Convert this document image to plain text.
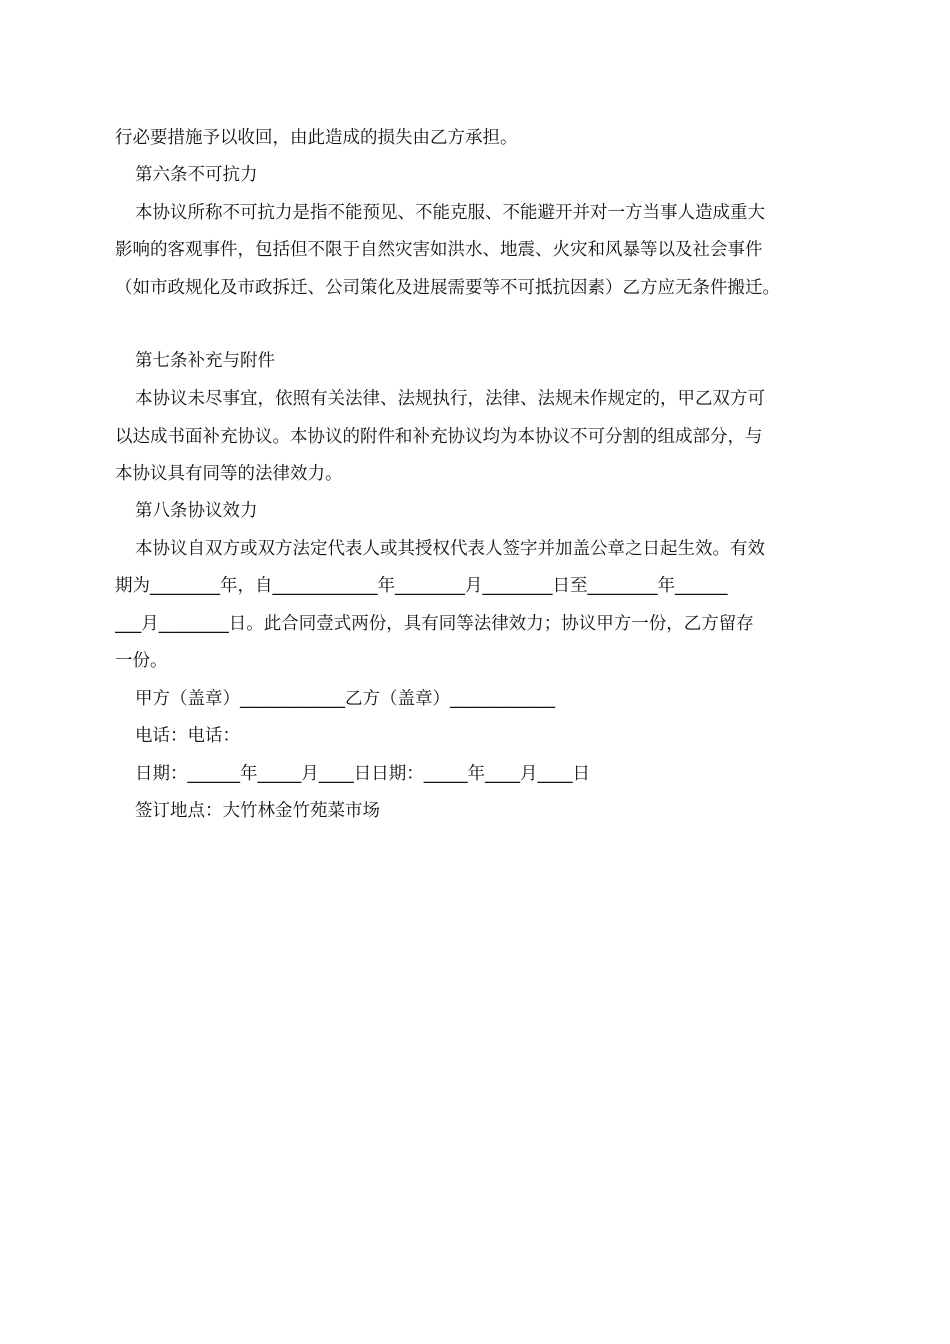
行必要措施予以收回，由此造成的损失由乙方承担。

第六条不可抗力

本协议所称不可抗力是指不能预见、不能克服、不能避开并对一方当事人造成重大

影响的客观事件，包括但不限于自然灾害如洪水、地震、火灾和风暴等以及社会事件

（如市政规化及市政拆迁、公司策化及进展需要等不可抵抗因素）乙方应无条件搬迁。

第七条补充与附件

本协议未尽事宜，依照有关法律、法规执行，法律、法规未作规定的，甲乙双方可

以达成书面补充协议。本协议的附件和补充协议均为本协议不可分割的组成部分，与

本协议具有同等的法律效力。

第八条协议效力

本协议自双方或双方法定代表人或其授权代表人签字并加盖公章之日起生效。有效

期为________年，自____________年________月________日至________年______

___月________日。此合同壹式两份，具有同等法律效力；协议甲方一份，乙方留存

一份。

甲方（盖章）____________乙方（盖章）____________

电话：电话：

日期：______年_____月____日日期：_____年____月____日

签订地点：大竹林金竹苑菜市场
